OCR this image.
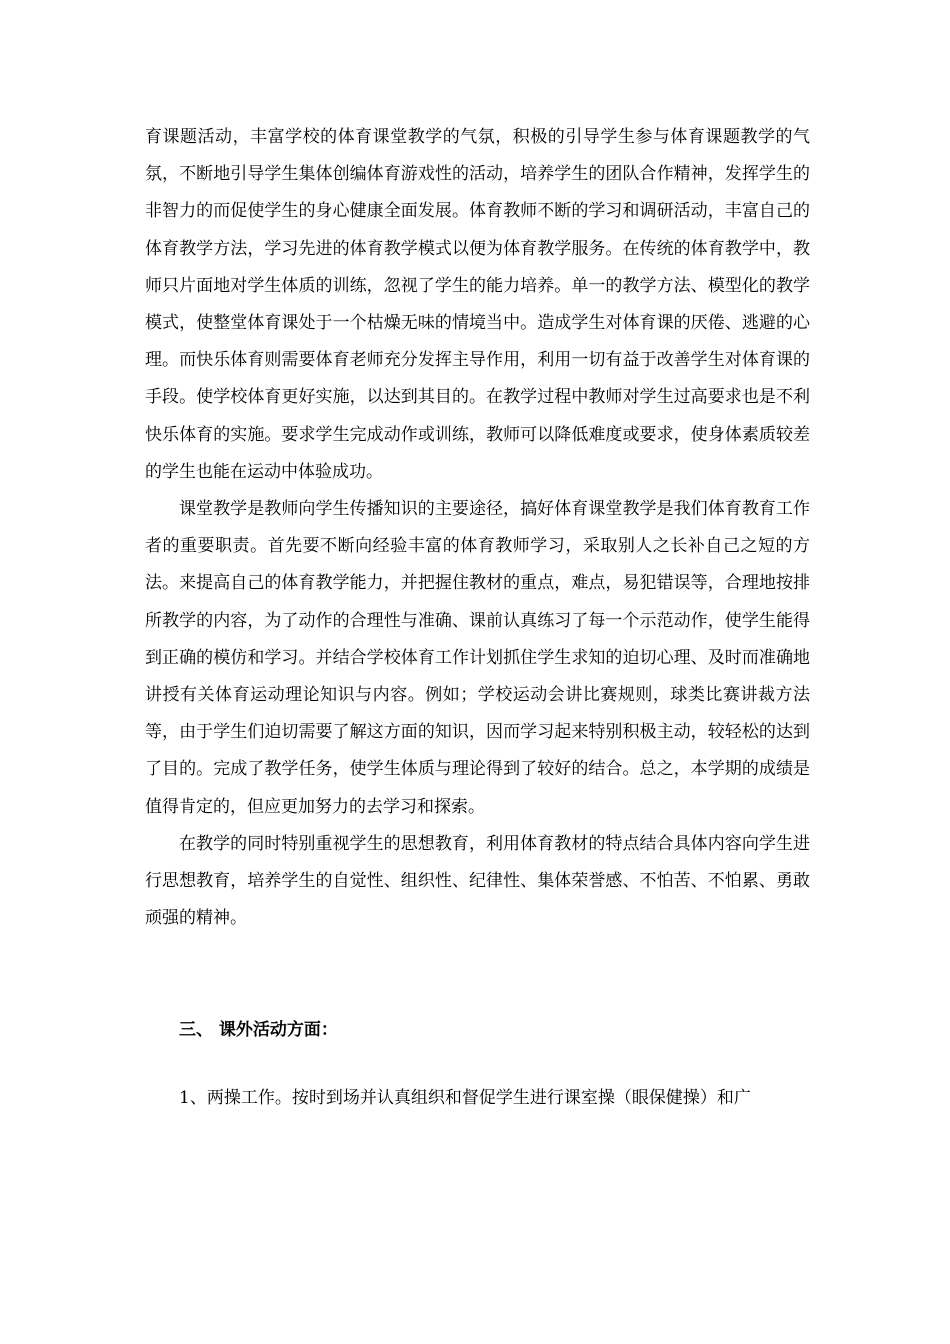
育课题活动，丰富学校的体育课堂教学的气氛，积极的引导学生参与体育课题教学的气氛，不断地引导学生集体创编体育游戏性的活动，培养学生的团队合作精神，发挥学生的非智力的而促使学生的身心健康全面发展。体育教师不断的学习和调研活动，丰富自己的体育教学方法，学习先进的体育教学模式以便为体育教学服务。在传统的体育教学中，教师只片面地对学生体质的训练，忽视了学生的能力培养。单一的教学方法、模型化的教学模式，使整堂体育课处于一个枯燥无味的情境当中。造成学生对体育课的厌倦、逃避的心理。而快乐体育则需要体育老师充分发挥主导作用，利用一切有益于改善学生对体育课的手段。使学校体育更好实施，以达到其目的。在教学过程中教师对学生过高要求也是不利快乐体育的实施。要求学生完成动作或训练，教师可以降低难度或要求，使身体素质较差的学生也能在运动中体验成功。

课堂教学是教师向学生传播知识的主要途径，搞好体育课堂教学是我们体育教育工作者的重要职责。首先要不断向经验丰富的体育教师学习，采取别人之长补自己之短的方法。来提高自己的体育教学能力，并把握住教材的重点，难点，易犯错误等，合理地按排所教学的内容，为了动作的合理性与准确、课前认真练习了每一个示范动作，使学生能得到正确的模仿和学习。并结合学校体育工作计划抓住学生求知的迫切心理、及时而准确地讲授有关体育运动理论知识与内容。例如；学校运动会讲比赛规则，球类比赛讲裁方法等，由于学生们迫切需要了解这方面的知识，因而学习起来特别积极主动，较轻松的达到了目的。完成了教学任务，使学生体质与理论得到了较好的结合。总之，本学期的成绩是值得肯定的，但应更加努力的去学习和探索。

在教学的同时特别重视学生的思想教育，利用体育教材的特点结合具体内容向学生进行思想教育，培养学生的自觉性、组织性、纪律性、集体荣誉感、不怕苦、不怕累、勇敢顽强的精神。

三、 课外活动方面：

1、两操工作。按时到场并认真组织和督促学生进行课室操（眼保健操）和广
